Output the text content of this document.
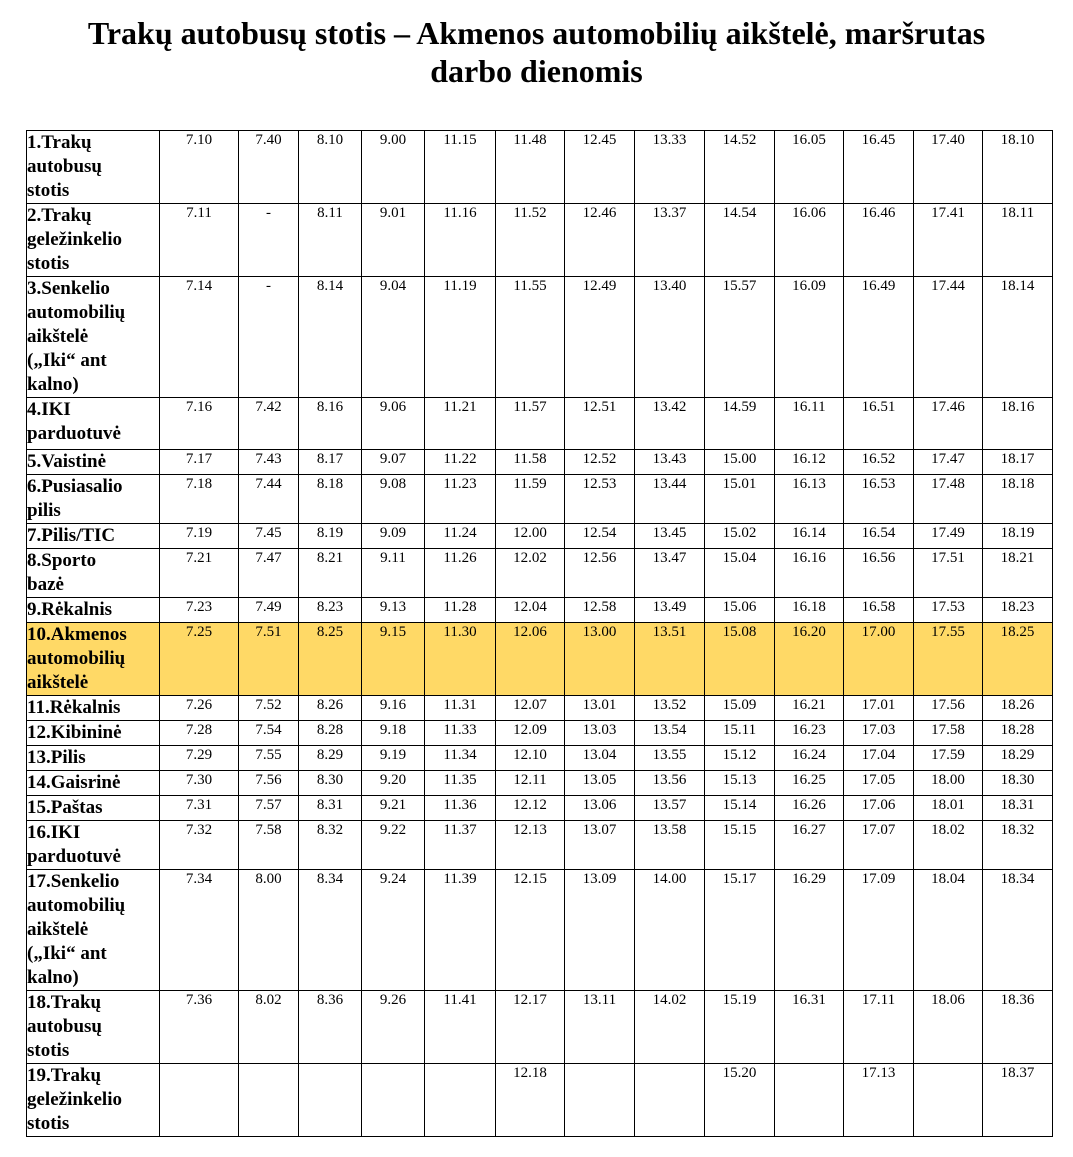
Trakų autobusų stotis – Akmenos automobilių aikštelė, maršrutas
darbo dienomis
1.Trakų
autobusų
stotis	7.10	7.40	8.10	9.00	11.15	11.48	12.45	13.33	14.52	16.05	16.45	17.40	18.10

2.Trakų
geležinkelio
stotis	7.11	-	8.11	9.01	11.16	11.52	12.46	13.37	14.54	16.06	16.46	17.41	18.11

3.Senkelio
automobilių
aikštelė
(„Iki“ ant
kalno)	7.14	-	8.14	9.04	11.19	11.55	12.49	13.40	15.57	16.09	16.49	17.44	18.14

4.IKI
parduotuvė	7.16	7.42	8.16	9.06	11.21	11.57	12.51	13.42	14.59	16.11	16.51	17.46	18.16

5.Vaistinė	7.17	7.43	8.17	9.07	11.22	11.58	12.52	13.43	15.00	16.12	16.52	17.47	18.17

6.Pusiasalio
pilis	7.18	7.44	8.18	9.08	11.23	11.59	12.53	13.44	15.01	16.13	16.53	17.48	18.18

7.Pilis/TIC	7.19	7.45	8.19	9.09	11.24	12.00	12.54	13.45	15.02	16.14	16.54	17.49	18.19

8.Sporto
bazė	7.21	7.47	8.21	9.11	11.26	12.02	12.56	13.47	15.04	16.16	16.56	17.51	18.21

9.Rėkalnis	7.23	7.49	8.23	9.13	11.28	12.04	12.58	13.49	15.06	16.18	16.58	17.53	18.23

10.Akmenos
automobilių
aikštelė	7.25	7.51	8.25	9.15	11.30	12.06	13.00	13.51	15.08	16.20	17.00	17.55	18.25

11.Rėkalnis	7.26	7.52	8.26	9.16	11.31	12.07	13.01	13.52	15.09	16.21	17.01	17.56	18.26

12.Kibininė	7.28	7.54	8.28	9.18	11.33	12.09	13.03	13.54	15.11	16.23	17.03	17.58	18.28

13.Pilis	7.29	7.55	8.29	9.19	11.34	12.10	13.04	13.55	15.12	16.24	17.04	17.59	18.29

14.Gaisrinė	7.30	7.56	8.30	9.20	11.35	12.11	13.05	13.56	15.13	16.25	17.05	18.00	18.30

15.Paštas	7.31	7.57	8.31	9.21	11.36	12.12	13.06	13.57	15.14	16.26	17.06	18.01	18.31

16.IKI
parduotuvė	7.32	7.58	8.32	9.22	11.37	12.13	13.07	13.58	15.15	16.27	17.07	18.02	18.32

17.Senkelio
automobilių
aikštelė
(„Iki“ ant
kalno)	7.34	8.00	8.34	9.24	11.39	12.15	13.09	14.00	15.17	16.29	17.09	18.04	18.34

18.Trakų
autobusų
stotis	7.36	8.02	8.36	9.26	11.41	12.17	13.11	14.02	15.19	16.31	17.11	18.06	18.36

19.Trakų
geležinkelio
stotis						12.18			15.20		17.13		18.37
